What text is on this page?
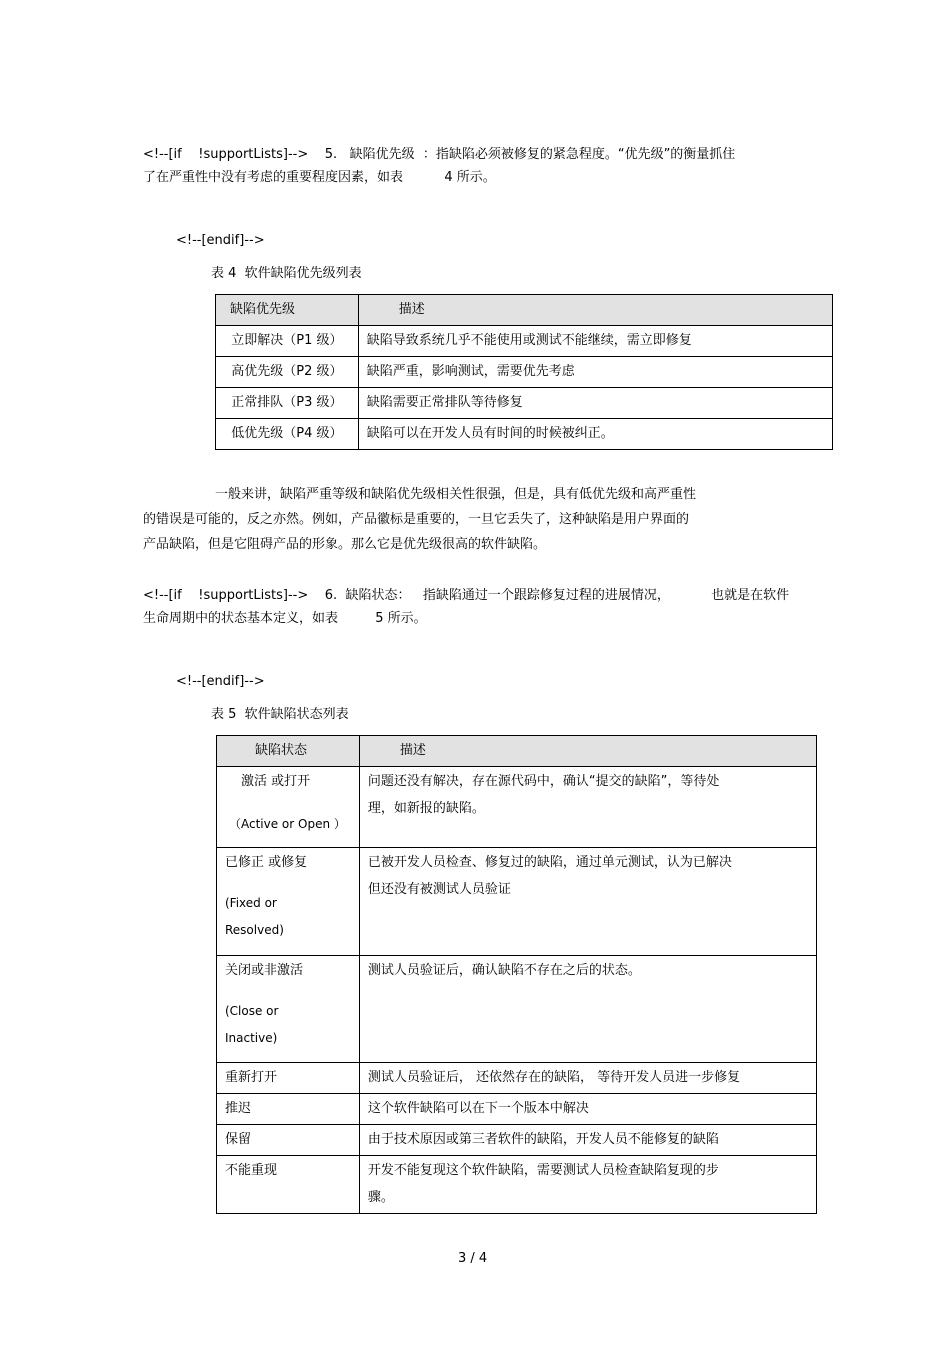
<!--[if    !supportLists]-->    5.   缺陷优先级  ：指缺陷必须被修复的紧急程度。“优先级”的衡量抓住
了在严重性中没有考虑的重要程度因素，如表          4 所示。
<!--[endif]-->
表 4  软件缺陷优先级列表
缺陷优先级	描述

立即解决（P1 级）	缺陷导致系统几乎不能使用或测试不能继续，需立即修复

高优先级（P2 级）	缺陷严重，影响测试，需要优先考虑

正常排队（P3 级）	缺陷需要正常排队等待修复

低优先级（P4 级）	缺陷可以在开发人员有时间的时候被纠正。
一般来讲，缺陷严重等级和缺陷优先级相关性很强，但是，具有低优先级和高严重性
的错误是可能的，反之亦然。例如，产品徽标是重要的，一旦它丢失了，这种缺陷是用户界面的
产品缺陷，但是它阻碍产品的形象。那么它是优先级很高的软件缺陷。
<!--[if    !supportLists]-->    6.  缺陷状态：   指缺陷通过一个跟踪修复过程的进展情况，          也就是在软件
生命周期中的状态基本定义，如表         5 所示。
<!--[endif]-->
表 5  软件缺陷状态列表
缺陷状态	描述

激活 或打开
（Active or Open ）	问题还没有解决，存在源代码中，确认“提交的缺陷”，等待处
理，如新报的缺陷。

已修正 或修复
(Fixed or
Resolved)	已被开发人员检查、修复过的缺陷，通过单元测试，认为已解决
但还没有被测试人员验证

关闭或非激活
(Close or
Inactive)	测试人员验证后，确认缺陷不存在之后的状态。

重新打开	测试人员验证后， 还依然存在的缺陷， 等待开发人员进一步修复

推迟	这个软件缺陷可以在下一个版本中解决

保留	由于技术原因或第三者软件的缺陷，开发人员不能修复的缺陷

不能重现	开发不能复现这个软件缺陷，需要测试人员检查缺陷复现的步
骤。
3 / 4
